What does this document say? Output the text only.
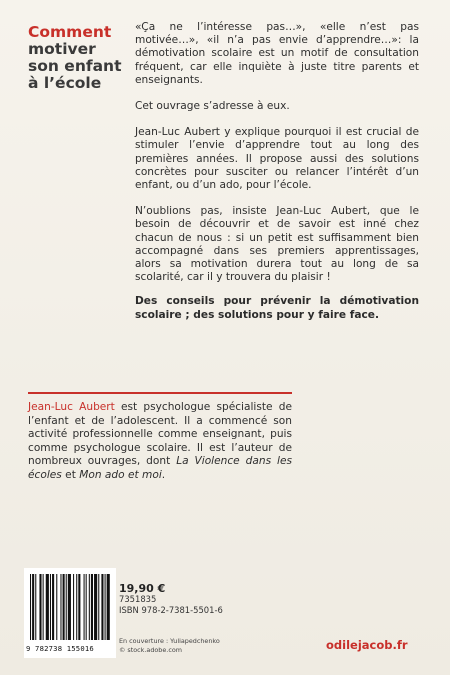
Comment
motiver
son enfant
à l’école

«Ça ne l’intéresse pas…», «elle n’est pas motivée…», «il n’a pas envie d’apprendre…»: la démotivation scolaire est un motif de consultation fréquent, car elle inquiète à juste titre parents et enseignants.

Cet ouvrage s’adresse à eux.

Jean-Luc Aubert y explique pourquoi il est crucial de stimuler l’envie d’apprendre tout au long des premières années. Il propose aussi des solutions concrètes pour susciter ou relancer l’intérêt d’un enfant, ou d’un ado, pour l’école.

N’oublions pas, insiste Jean-Luc Aubert, que le besoin de découvrir et de savoir est inné chez chacun de nous : si un petit est suffisamment bien accompagné dans ses premiers apprentissages, alors sa motivation durera tout au long de sa scolarité, car il y trouvera du plaisir !

Des conseils pour prévenir la démotivation scolaire ; des solutions pour y faire face.

Jean-Luc Aubert est psychologue spécialiste de l’enfant et de l’adolescent. Il a commencé son activité professionnelle comme enseignant, puis comme psychologue scolaire. Il est l’auteur de nombreux ouvrages, dont La Violence dans les écoles et Mon ado et moi.
9 782738 155016
19,90 €
7351835
ISBN 978-2-7381-5501-6
En couverture : Yuliapedchenko
© stock.adobe.com	odilejacob.fr
